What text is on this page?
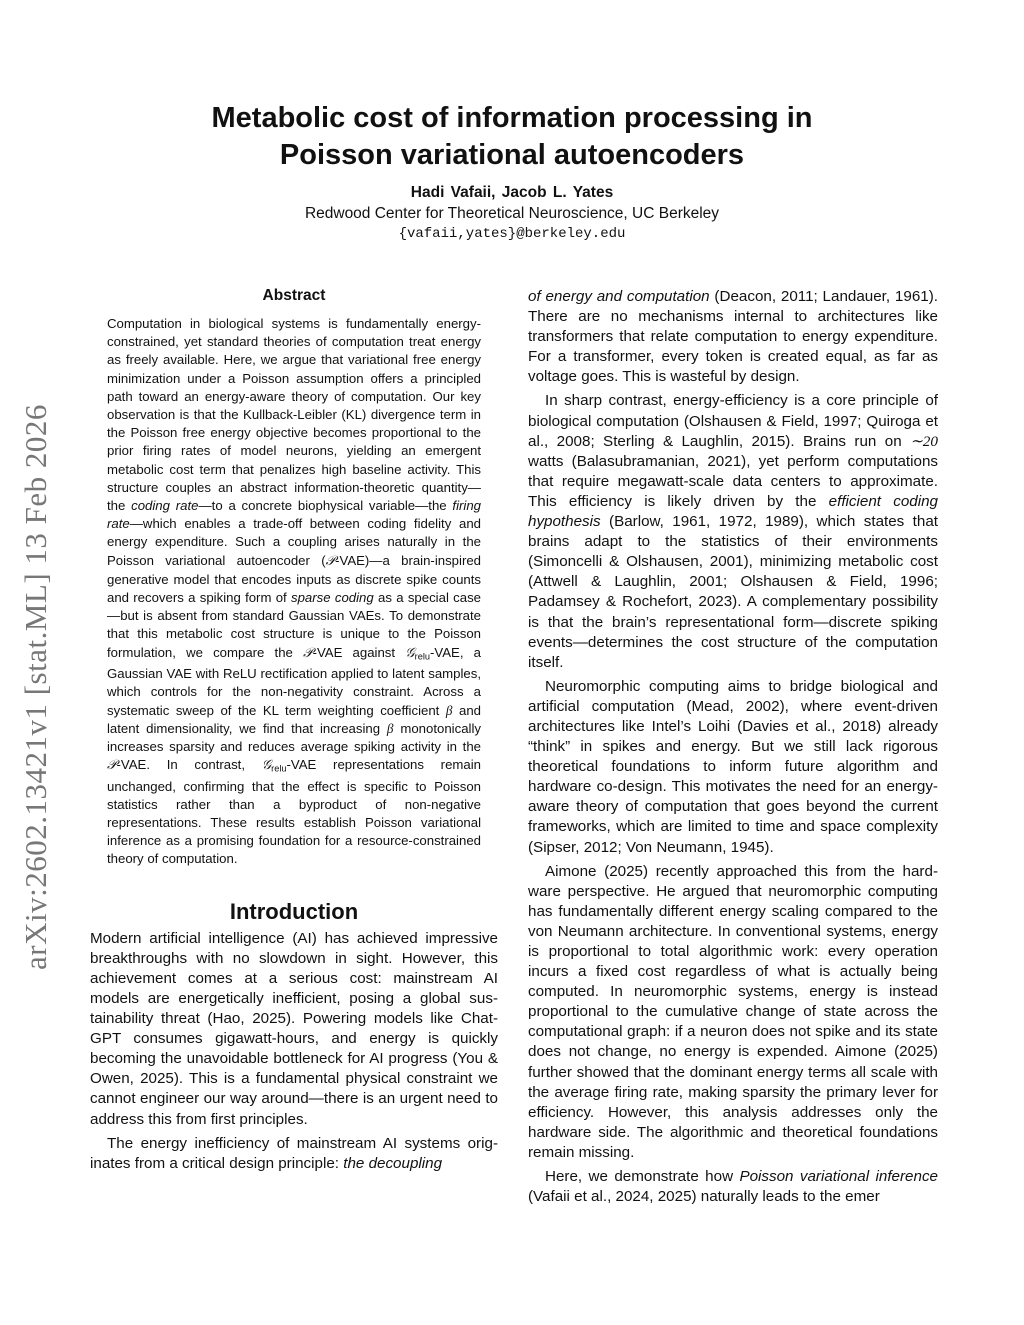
arXiv:2602.13421v1 [stat.ML] 13 Feb 2026
Metabolic cost of information processing in
Poisson variational autoencoders
Hadi Vafaii, Jacob L. Yates
Redwood Center for Theoretical Neuroscience, UC Berkeley
{vafaii,yates}@berkeley.edu
Abstract

Computation in biological systems is fundamentally energy-constrained, yet standard theories of computation treat energy as freely available. Here, we argue that variational free energy minimization under a Poisson assumption offers a principled path toward an energy-aware theory of computation. Our key observation is that the Kullback-Leibler (KL) divergence term in the Poisson free energy objective becomes proportional to the prior firing rates of model neurons, yielding an emergent metabolic cost term that penalizes high baseline activity. This structure couples an abstract information-theoretic quantity—the coding rate—to a concrete biophysical variable—the firing rate—which enables a trade-off between coding fidelity and energy expenditure. Such a coupling arises naturally in the Poisson variational autoencoder (𝒫-VAE)—a brain-inspired generative model that encodes inputs as discrete spike counts and recovers a spiking form of sparse coding as a special case—but is absent from standard Gaussian VAEs. To demonstrate that this metabolic cost structure is unique to the Poisson formulation, we compare the 𝒫-VAE against 𝒢$_{relu}$-VAE, a Gaussian VAE with ReLU rectification applied to latent samples, which controls for the non-negativity constraint. Across a systematic sweep of the KL term weighting coefficient β and latent dimensionality, we find that increasing β monotonically increases sparsity and reduces average spiking activity in the 𝒫-VAE. In contrast, 𝒢$_{relu}$-VAE representations remain unchanged, confirming that the effect is specific to Poisson statistics rather than a byproduct of non-negative representations. These results establish Poisson variational inference as a promising foundation for a resource-constrained theory of computation.

Introduction

Modern artificial intelligence (AI) has achieved impressive breakthroughs with no slowdown in sight. However, this achievement comes at a serious cost: mainstream AI models are energetically inefficient, posing a global sustainability threat (Hao, 2025). Powering models like ChatGPT consumes gigawatt-hours, and energy is quickly becoming the unavoidable bottleneck for AI progress (You & Owen, 2025). This is a fundamental physical constraint we cannot engineer our way around—there is an urgent need to address this from first principles.

The energy inefficiency of mainstream AI systems originates from a critical design principle: the decoupling

of energy and computation (Deacon, 2011; Landauer, 1961). There are no mechanisms internal to architectures like transformers that relate computation to energy expenditure. For a transformer, every token is created equal, as far as voltage goes. This is wasteful by design.

In sharp contrast, energy-efficiency is a core principle of biological computation (Olshausen & Field, 1997; Quiroga et al., 2008; Sterling & Laughlin, 2015). Brains run on ∼20 watts (Balasubramanian, 2021), yet perform computations that require megawatt-scale data centers to approximate. This efficiency is likely driven by the efficient coding hypothesis (Barlow, 1961, 1972, 1989), which states that brains adapt to the statistics of their environments (Simoncelli & Olshausen, 2001), minimizing metabolic cost (Attwell & Laughlin, 2001; Olshausen & Field, 1996; Padamsey & Rochefort, 2023). A complementary possibility is that the brain’s representational form—discrete spiking events—determines the cost structure of the computation itself.

Neuromorphic computing aims to bridge biological and artificial computation (Mead, 2002), where event-driven architectures like Intel’s Loihi (Davies et al., 2018) already “think” in spikes and energy. But we still lack rigorous theoretical foundations to inform future algorithm and hardware co-design. This motivates the need for an energy-aware theory of computation that goes beyond the current frameworks, which are limited to time and space complexity (Sipser, 2012; Von Neumann, 1945).

Aimone (2025) recently approached this from the hardware perspective. He argued that neuromorphic computing has fundamentally different energy scaling compared to the von Neumann architecture. In conventional systems, energy is proportional to total algorithmic work: every operation incurs a fixed cost regardless of what is actually being computed. In neuromorphic systems, energy is instead proportional to the cumulative change of state across the computational graph: if a neuron does not spike and its state does not change, no energy is expended. Aimone (2025) further showed that the dominant energy terms all scale with the average firing rate, making sparsity the primary lever for efficiency. However, this analysis addresses only the hardware side. The algorithmic and theoretical foundations remain missing.

Here, we demonstrate how Poisson variational inference (Vafaii et al., 2024, 2025) naturally leads to the emer
